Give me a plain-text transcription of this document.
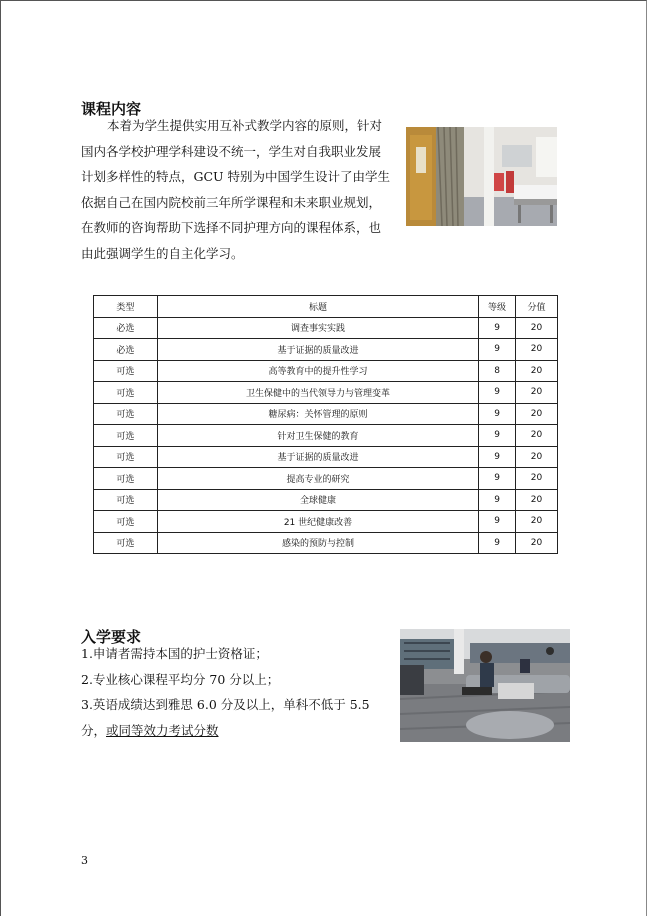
课程内容
本着为学生提供实用互补式教学内容的原则，针对
国内各学校护理学科建设不统一，学生对自我职业发展
计划多样性的特点，GCU 特别为中国学生设计了由学生
依据自己在国内院校前三年所学课程和未来职业规划，
在教师的咨询帮助下选择不同护理方向的课程体系，也
由此强调学生的自主化学习。
类型	标题	等级	分值
必选	调查事实实践	9	20
必选	基于证据的质量改进	9	20
可选	高等教育中的提升性学习	8	20
可选	卫生保健中的当代领导力与管理变革	9	20
可选	糖尿病：关怀管理的原则	9	20
可选	针对卫生保健的教育	9	20
可选	基于证据的质量改进	9	20
可选	提高专业的研究	9	20
可选	全球健康	9	20
可选	21 世纪健康改善	9	20
可选	感染的预防与控制	9	20
入学要求
1.申请者需持本国的护士资格证；
2.专业核心课程平均分 70 分以上；
3.英语成绩达到雅思 6.0 分及以上，单科不低于 5.5
分，或同等效力考试分数
3
